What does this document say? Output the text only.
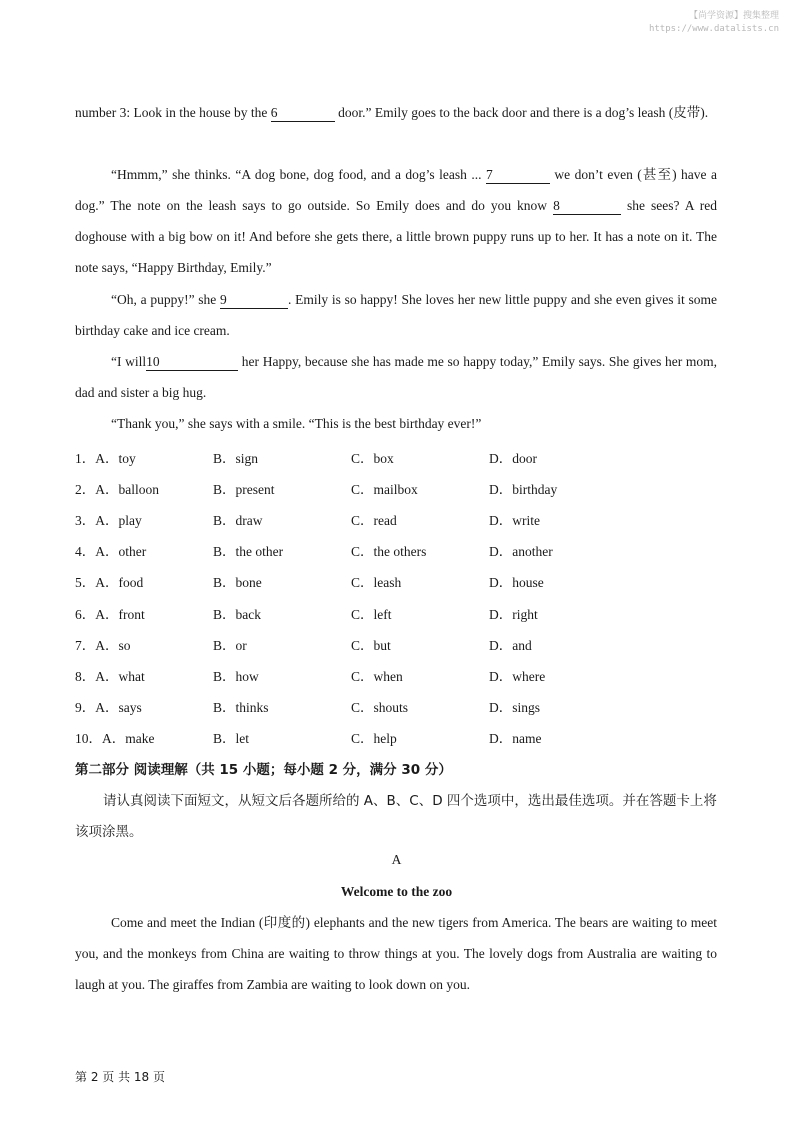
【尚学资源】搜集整理
https://www.datalists.cn
number 3: Look in the house by the 6	door.” Emily goes to the back door and there is a dog’s leash (皮带).
“Hmmm,” she thinks. “A dog bone, dog food, and a dog’s leash ... 7	we don’t even (甚至) have a dog.” The note on the leash says to go outside. So Emily does and do you know 8	she sees? A red doghouse with a big bow on it! And before she gets there, a little brown puppy runs up to her. It has a note on it. The note says, “Happy Birthday, Emily.”
“Oh, a puppy!” she 9	. Emily is so happy! She loves her new little puppy and she even gives it some birthday cake and ice cream.
“I will10	her Happy, because she has made me so happy today,” Emily says. She gives her mom, dad and sister a big hug.
“Thank you,” she says with a smile. “This is the best birthday ever!”
1．A．toy	B．sign	C．box	D．door
2．A．balloon	B．present	C．mailbox	D．birthday
3．A．play	B．draw	C．read	D．write
4．A．other	B．the other	C．the others	D．another
5．A．food	B．bone	C．leash	D．house
6．A．front	B．back	C．left	D．right
7．A．so	B．or	C．but	D．and
8．A．what	B．how	C．when	D．where
9．A．says	B．thinks	C．shouts	D．sings
10．A．make	B．let	C．help	D．name
第二部分 阅读理解（共 15 小题；每小题 2 分，满分 30 分）
请认真阅读下面短文，从短文后各题所给的 A、B、C、D 四个选项中，选出最佳选项。并在答题卡上将该项涂黑。
A
Welcome to the zoo
Come and meet the Indian (印度的) elephants and the new tigers from America. The bears are waiting to meet you, and the monkeys from China are waiting to throw things at you. The lovely dogs from Australia are waiting to laugh at you. The giraffes from Zambia are waiting to look down on you.
第 2 页 共 18 页
